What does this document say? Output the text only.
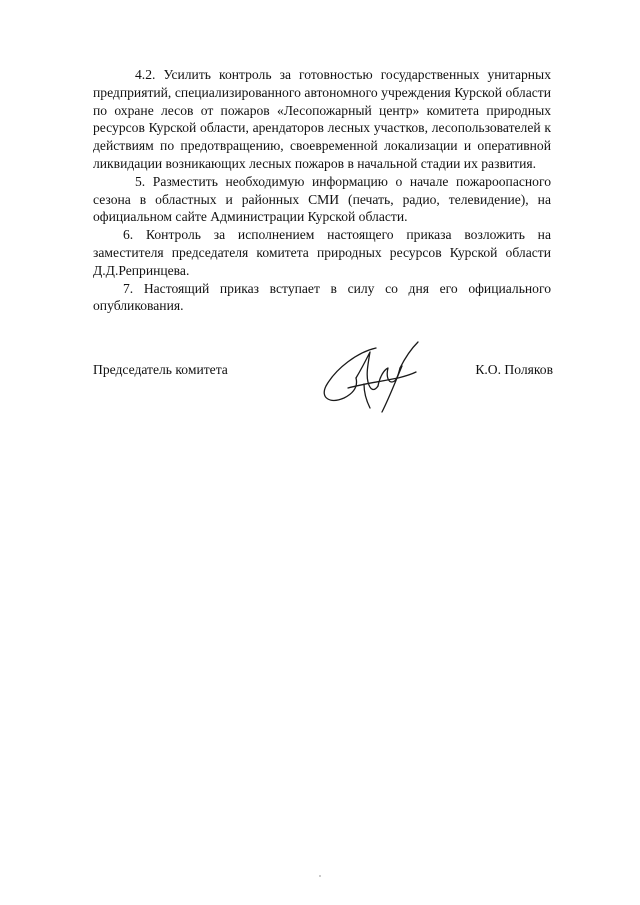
4.2. Усилить контроль за готовностью государственных унитарных предприятий, специализированного автономного учреждения Курской области по охране лесов от пожаров «Лесопожарный центр» комитета природных ресурсов Курской области, арендаторов лесных участков, лесопользователей к действиям по предотвращению, своевременной локализации и оперативной ликвидации возникающих лесных пожаров в начальной стадии их развития.

5. Разместить необходимую информацию о начале пожароопасного сезона в областных и районных СМИ (печать, радио, телевидение), на официальном сайте Администрации Курской области.

6. Контроль за исполнением настоящего приказа возложить на заместителя председателя комитета природных ресурсов Курской области Д.Д.Репринцева.

7. Настоящий приказ вступает в силу со дня его официального опубликования.

Председатель комитета	К.О. Поляков
